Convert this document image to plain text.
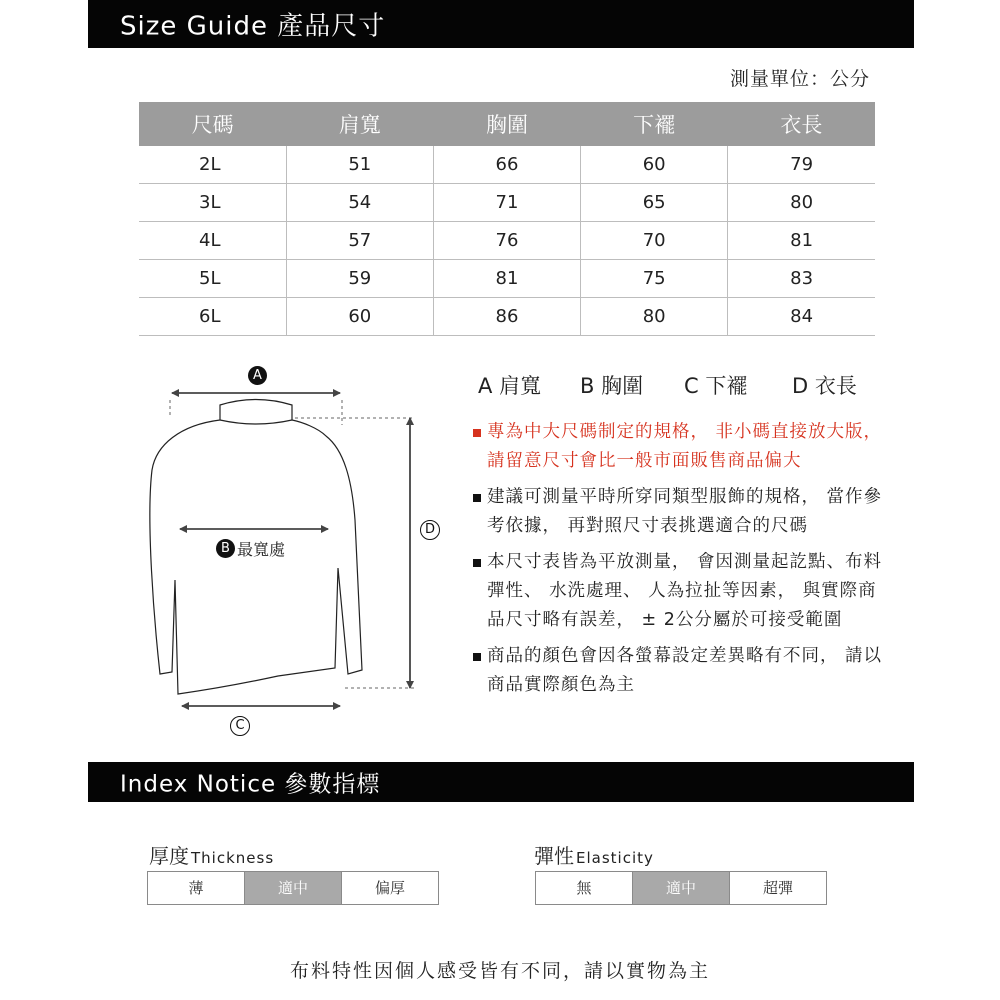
Size Guide 產品尺寸
測量單位：公分
尺碼	肩寬	胸圍	下襬	衣長
2L	51	66	60	79
3L	54	71	65	80
4L	57	76	70	81
5L	59	81	75	83
6L	60	86	80	84
A
B 最寬處
C
D
A 肩寬 B 胸圍 C 下襬 D 衣長
專為中大尺碼制定的規格， 非小碼直接放大版， 請留意尺寸會比一般市面販售商品偏大
建議可測量平時所穿同類型服飾的規格， 當作參考依據， 再對照尺寸表挑選適合的尺碼
本尺寸表皆為平放測量， 會因測量起訖點、布料彈性、 水洗處理、 人為拉扯等因素， 與實際商品尺寸略有誤差， ± 2公分屬於可接受範圍
商品的顏色會因各螢幕設定差異略有不同， 請以商品實際顏色為主
Index Notice 參數指標
厚度 Thickness
薄	適中	偏厚
彈性 Elasticity
無	適中	超彈
布料特性因個人感受皆有不同，請以實物為主
